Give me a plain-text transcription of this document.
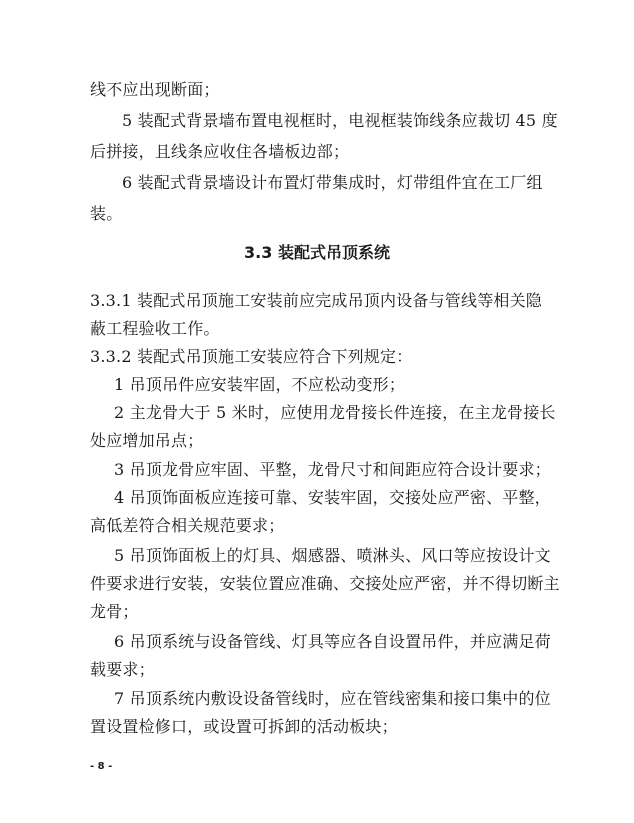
线不应出现断面；
5 装配式背景墙布置电视框时，电视框装饰线条应裁切 45 度
后拼接，且线条应收住各墙板边部；
6 装配式背景墙设计布置灯带集成时，灯带组件宜在工厂组
装。
3.3 装配式吊顶系统
3.3.1 装配式吊顶施工安装前应完成吊顶内设备与管线等相关隐
蔽工程验收工作。
3.3.2 装配式吊顶施工安装应符合下列规定：
1 吊顶吊件应安装牢固，不应松动变形；
2 主龙骨大于 5 米时，应使用龙骨接长件连接，在主龙骨接长
处应增加吊点；
3 吊顶龙骨应牢固、平整，龙骨尺寸和间距应符合设计要求；
4 吊顶饰面板应连接可靠、安装牢固，交接处应严密、平整，
高低差符合相关规范要求；
5 吊顶饰面板上的灯具、烟感器、喷淋头、风口等应按设计文
件要求进行安装，安装位置应准确、交接处应严密，并不得切断主
龙骨；
6 吊顶系统与设备管线、灯具等应各自设置吊件，并应满足荷
载要求；
7 吊顶系统内敷设设备管线时，应在管线密集和接口集中的位
置设置检修口，或设置可拆卸的活动板块；
- 8 -
